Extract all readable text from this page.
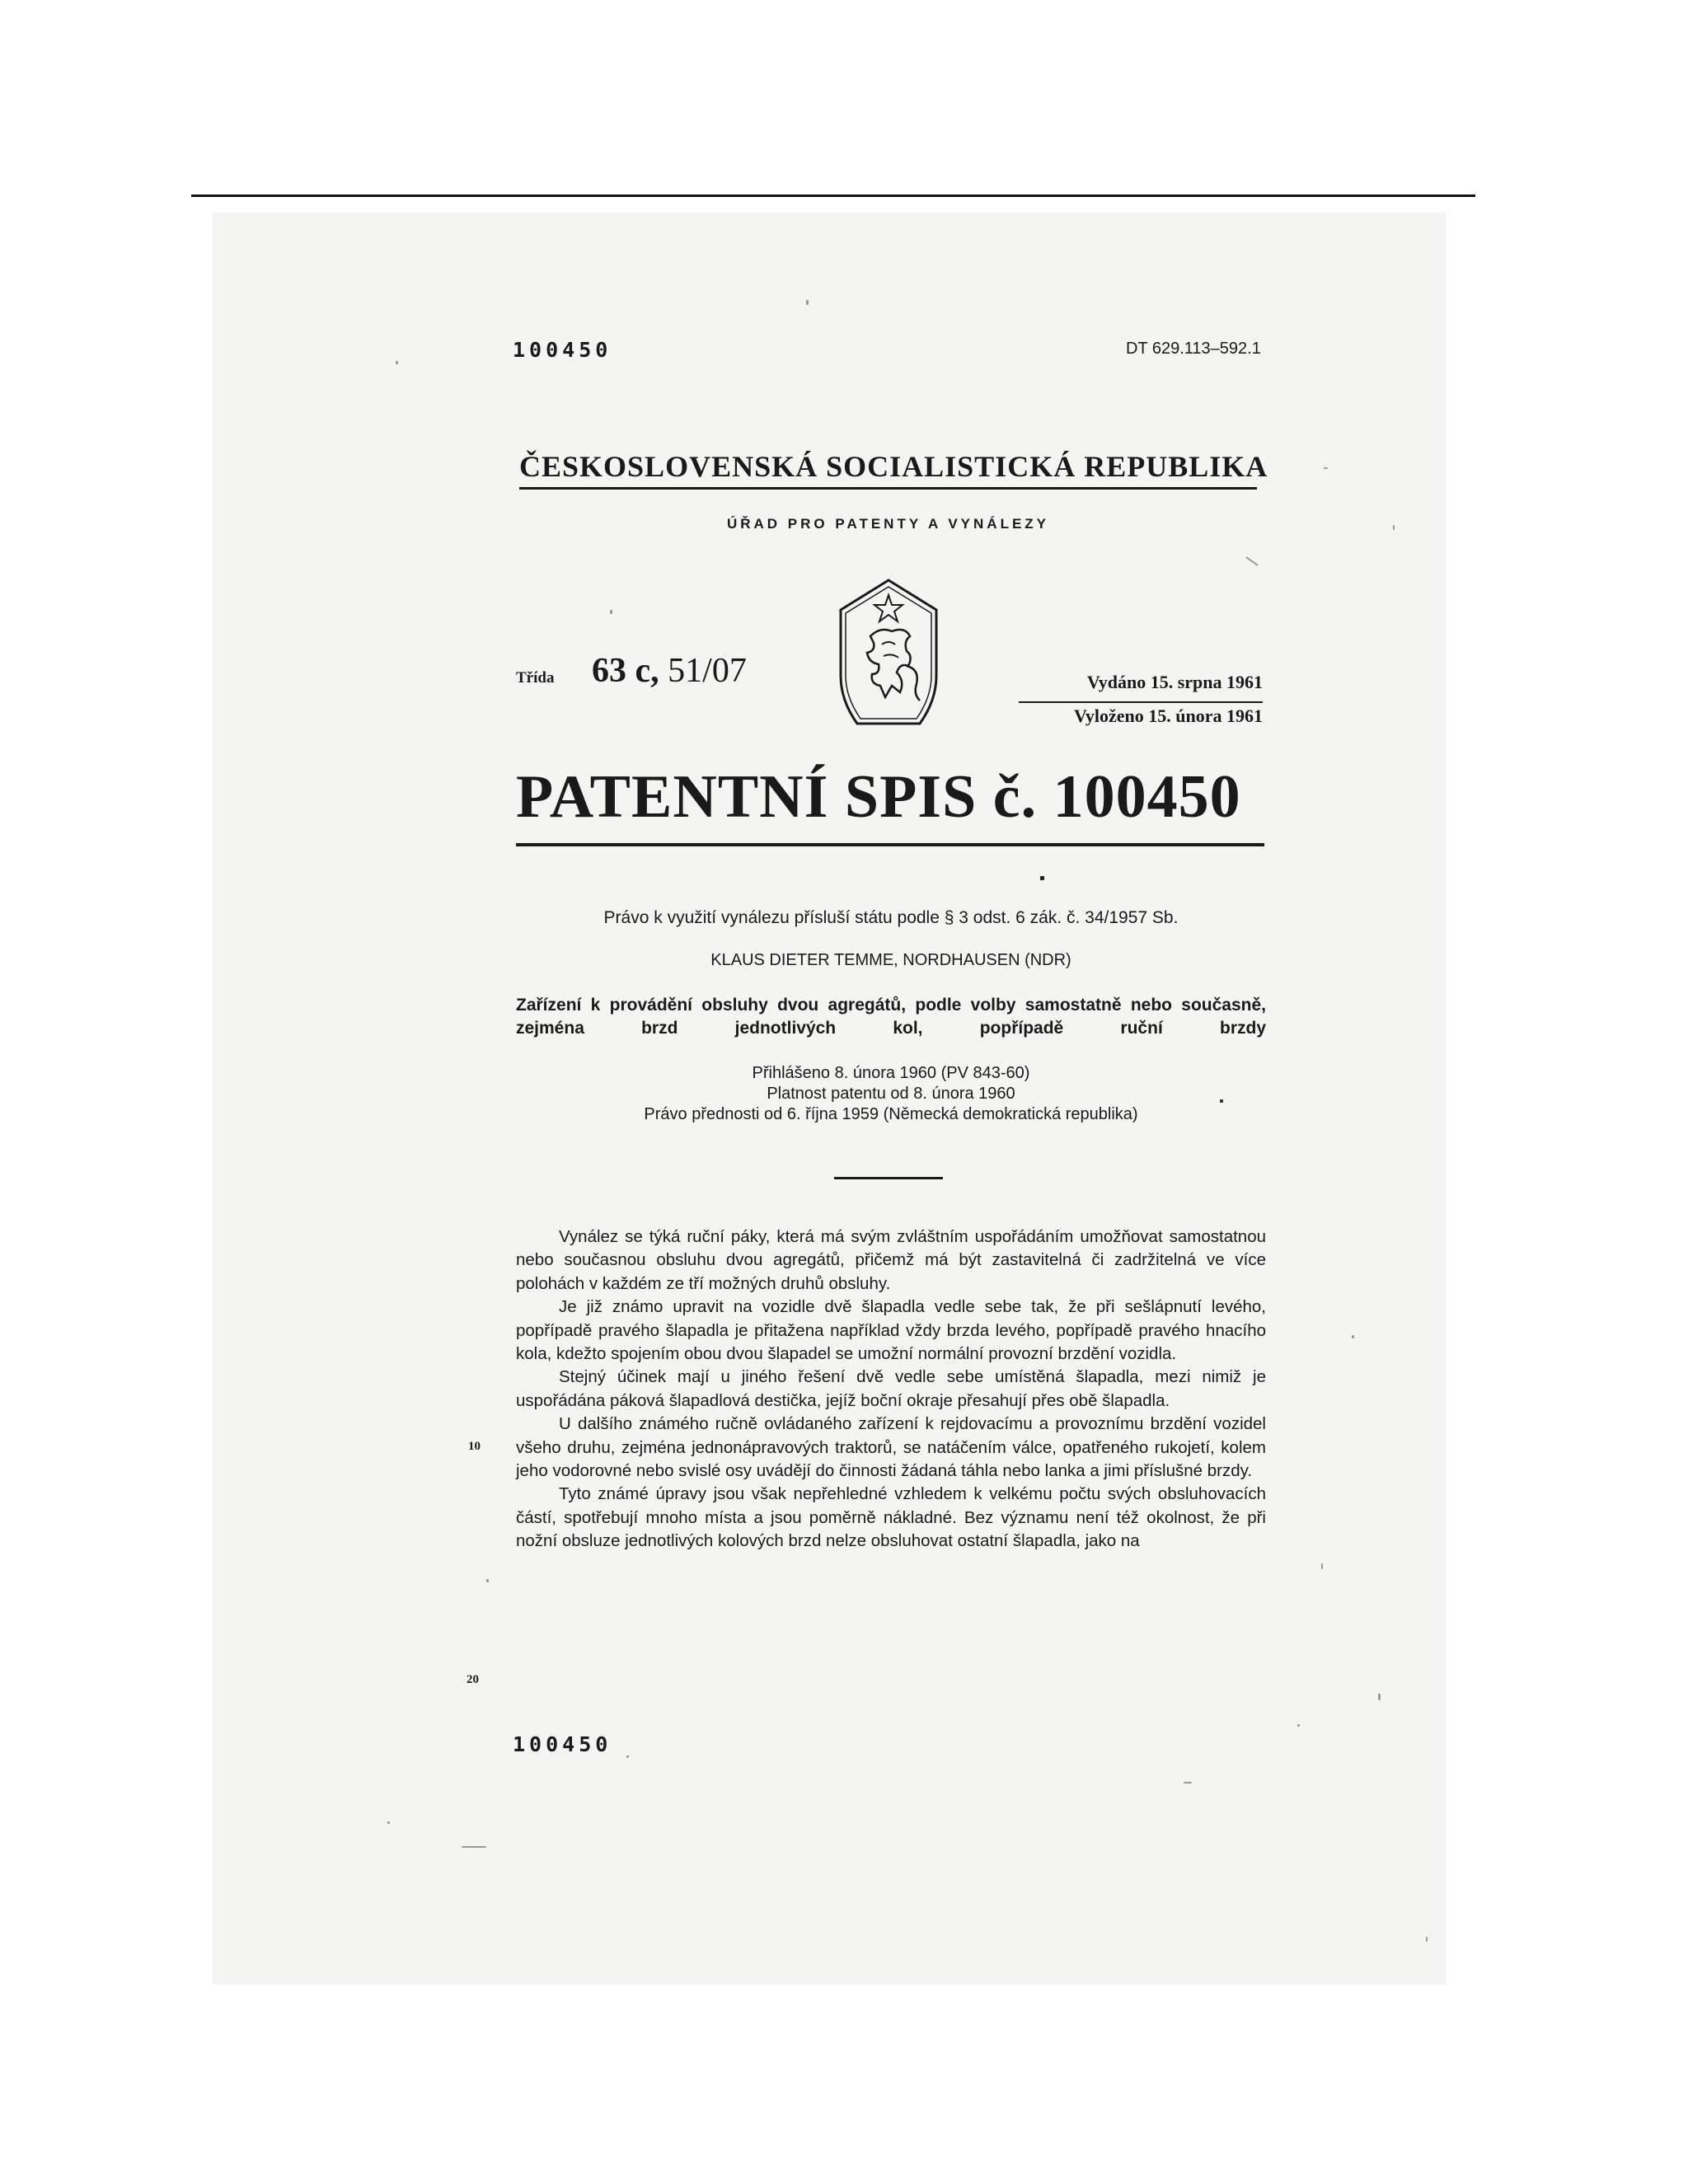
100450	DT 629.113–592.1
ČESKOSLOVENSKÁ SOCIALISTICKÁ REPUBLIKA
ÚŘAD PRO PATENTY A VYNÁLEZY
Třída 63 c, 51/07	Vydáno 15. srpna 1961
Vyloženo 15. února 1961
PATENTNÍ SPIS č. 100450
Právo k využití vynálezu přísluší státu podle § 3 odst. 6 zák. č. 34/1957 Sb.
KLAUS DIETER TEMME, NORDHAUSEN (NDR)
Zařízení k provádění obsluhy dvou agregátů, podle volby samostatně nebo současně, zejména brzd jednotlivých kol, popřípadě ruční brzdy
Přihlášeno 8. února 1960 (PV 843-60)
Platnost patentu od 8. února 1960
Právo přednosti od 6. října 1959 (Německá demokratická republika)

Vynález se týká ruční páky, která má svým zvláštním uspořádáním umožňovat samostatnou nebo současnou obsluhu dvou agregátů, přičemž má být zastavitelná či zadržitelná ve více polohách v každém ze tří možných druhů obsluhy.

Je již známo upravit na vozidle dvě šlapadla vedle sebe tak, že při sešlápnutí levého, popřípadě pravého šlapadla je přitažena například vždy brzda levého, popřípadě pravého hnacího kola, kdežto spojením obou dvou šlapadel se umožní normální provozní brzdění vozidla.

Stejný účinek mají u jiného řešení dvě vedle sebe umístěná šlapadla, mezi nimiž je uspořádána páková šlapadlová destička, jejíž boční okraje přesahují přes obě šlapadla.

U dalšího známého ručně ovládaného zařízení k rejdovacímu a provoznímu brzdění vozidel všeho druhu, zejména jednonápravových traktorů, se natáčením válce, opatřeného rukojetí, kolem jeho vodorovné nebo svislé osy uvádějí do činnosti žádaná táhla nebo lanka a jimi příslušné brzdy.

Tyto známé úpravy jsou však nepřehledné vzhledem k velkému počtu svých obsluhovacích částí, spotřebují mnoho místa a jsou poměrně nákladné. Bez významu není též okolnost, že při nožní obsluze jednotlivých kolových brzd nelze obsluhovat ostatní šlapadla, jako na

10
20
100450
